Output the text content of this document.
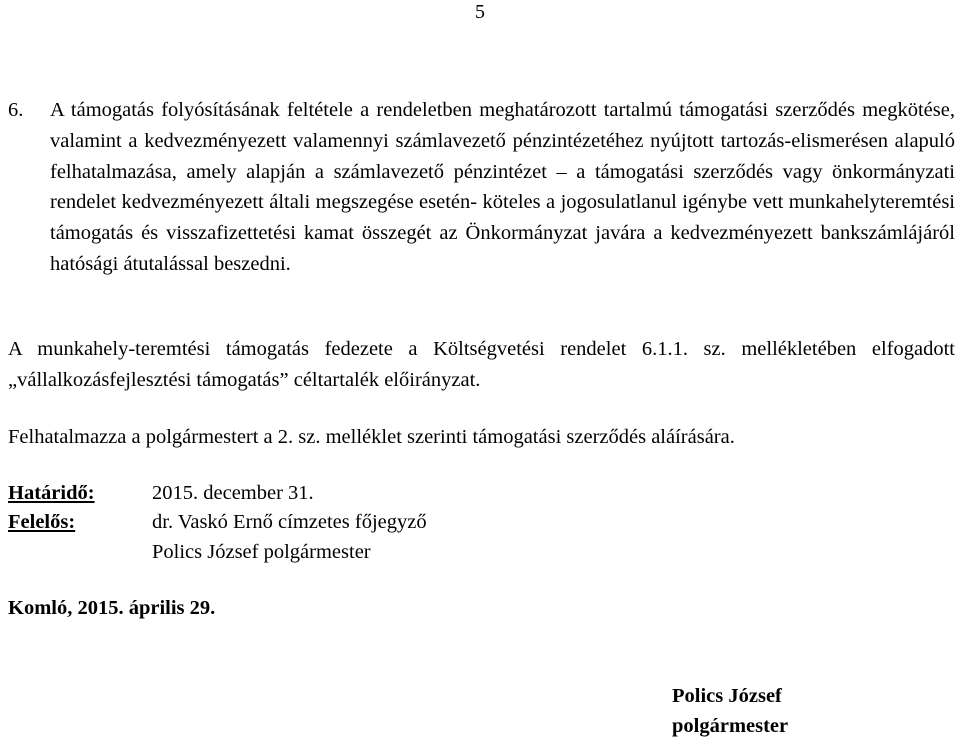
5
6. A támogatás folyósításának feltétele a rendeletben meghatározott tartalmú támogatási szerződés megkötése, valamint a kedvezményezett valamennyi számlavezető pénzintézetéhez nyújtott tartozás-elismerésen alapuló felhatalmazása, amely alapján a számlavezető pénzintézet – a támogatási szerződés vagy önkormányzati rendelet kedvezményezett általi megszegése esetén- köteles a jogosulatlanul igénybe vett munkahelyteremtési támogatás és visszafizettetési kamat összegét az Önkormányzat javára a kedvezményezett bankszámlájáról hatósági átutalással beszedni.

A munkahely-teremtési támogatás fedezete a Költségvetési rendelet 6.1.1. sz. mellékletében elfogadott „vállalkozásfejlesztési támogatás” céltartalék előirányzat.

Felhatalmazza a polgármestert a 2. sz. melléklet szerinti támogatási szerződés aláírására.

Határidő:	2015. december 31.
Felelős:	dr. Vaskó Ernő címzetes főjegyző
Polics József polgármester
Komló, 2015. április 29.
Polics József
polgármester
